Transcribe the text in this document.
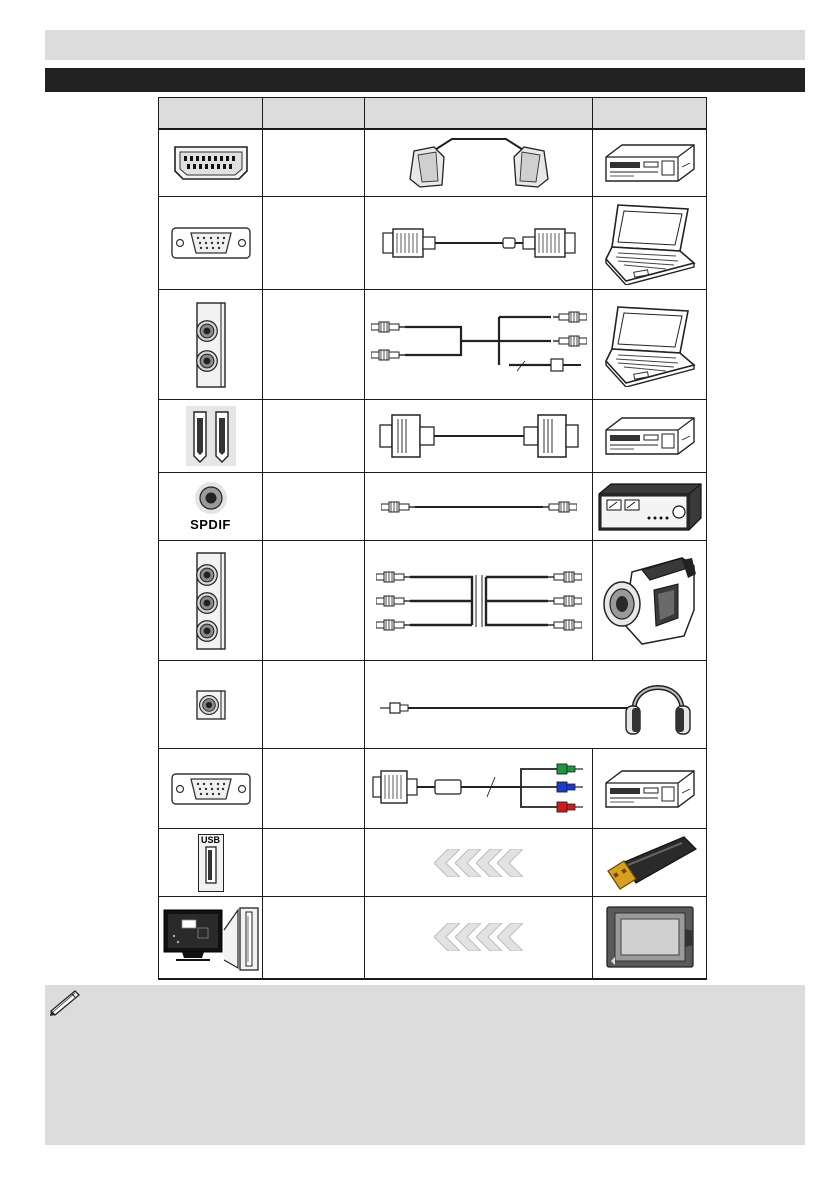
SPDIF

USB
